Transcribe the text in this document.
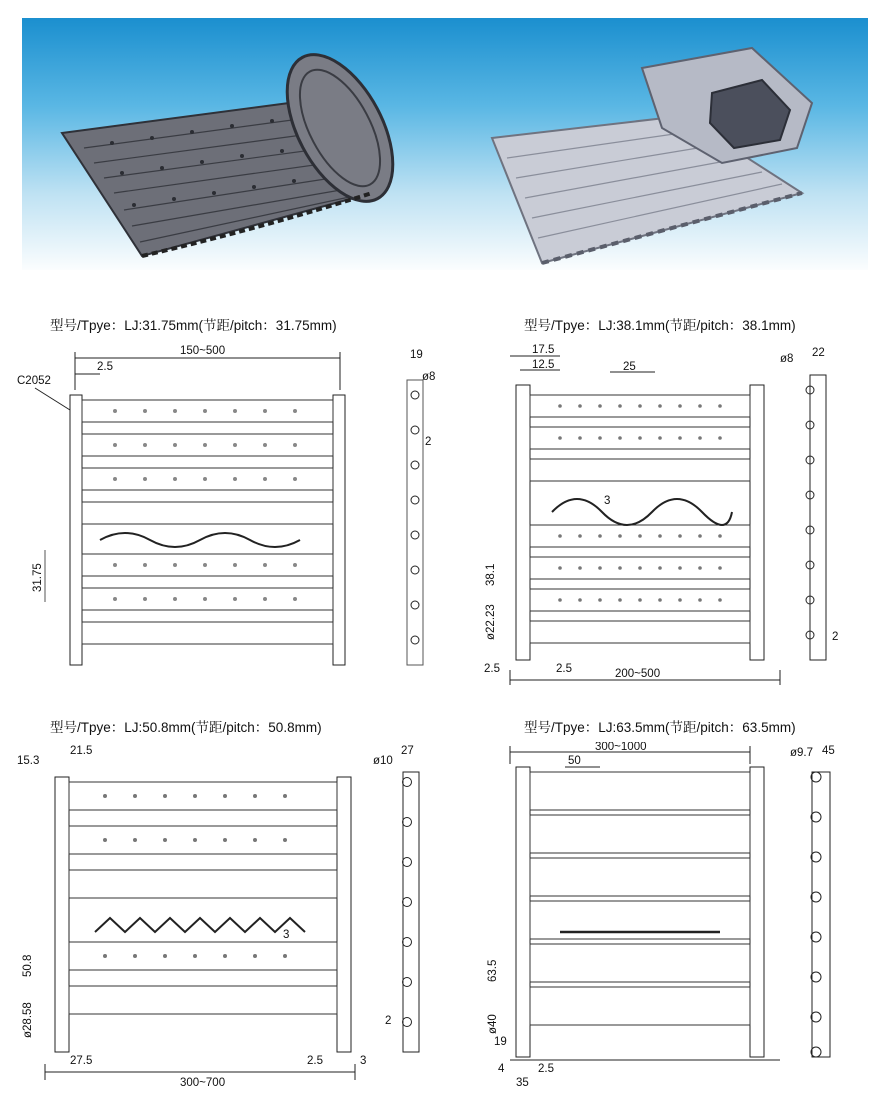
型号/Tpye：LJ:31.75mm(节距/pitch：31.75mm)	型号/Tpye：LJ:38.1mm(节距/pitch：38.1mm)
型号/Tpye：LJ:50.8mm(节距/pitch：50.8mm)	型号/Tpye：LJ:63.5mm(节距/pitch：63.5mm)
150~500
2.5
C2052
19
ø8
2
31.75
17.5
12.5	25
ø8 22
3
38.1
ø22.23	2
2.5	2.5	200~500
15.3
21.5
ø10
27
3
50.8
ø28.58	2
27.5	2.5	3
300~700
300~1000
50
ø9.7 45
63.5
ø40
19
4
35
2.5
